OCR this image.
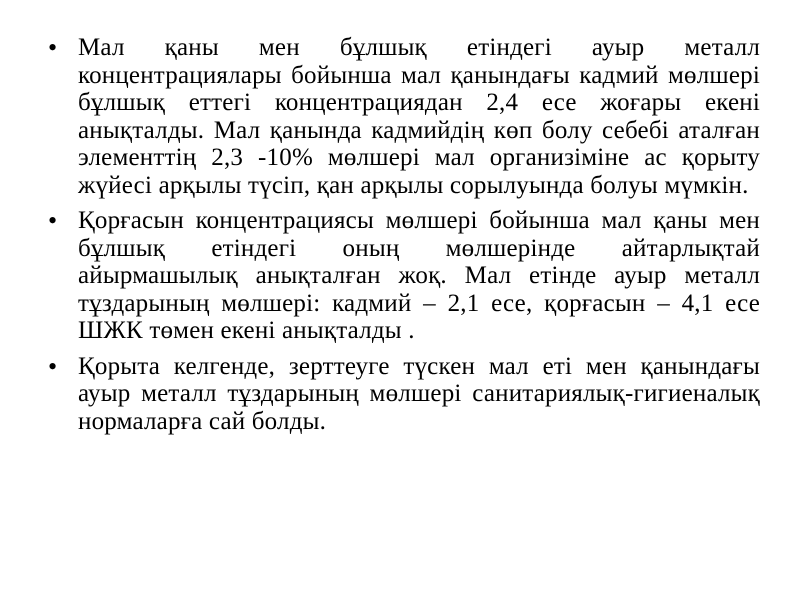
• Мал қаны мен бұлшық етіндегі ауыр металл концентрациялары бойынша мал қанындағы кадмий мөлшері бұлшық еттегі концентрациядан 2,4 есе жоғары екені анықталды. Мал қанында кадмийдің көп болу себебі аталған элементтің 2,3 -10% мөлшері мал организіміне ас қорыту жүйесі арқылы түсіп, қан арқылы сорылуында болуы мүмкін.
• Қорғасын концентрациясы мөлшері бойынша мал қаны мен бұлшық етіндегі оның мөлшерінде айтарлықтай айырмашылық анықталған жоқ. Мал етінде ауыр металл тұздарының мөлшері: кадмий – 2,1 есе, қорғасын – 4,1 есе ШЖК төмен екені анықталды .
• Қорыта келгенде, зерттеуге түскен мал еті мен қанындағы ауыр металл тұздарының мөлшері санитариялық-гигиеналық нормаларға сай болды.
